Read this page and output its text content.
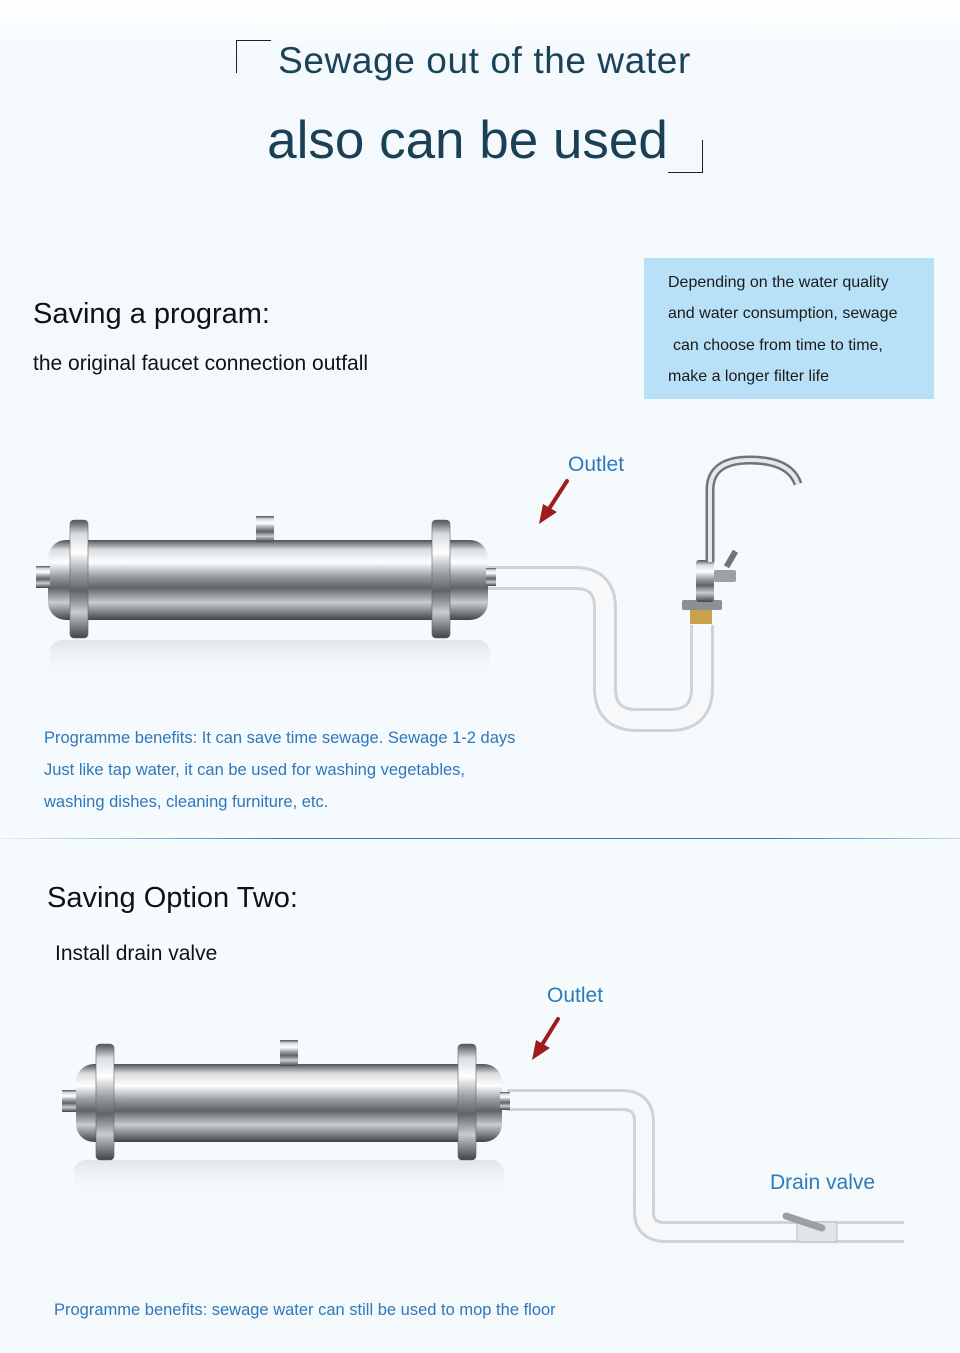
Sewage out of the water
also can be used
Saving a program:
the original faucet connection outfall
Depending on the water quality
and water consumption, sewage
can choose from time to time,
make a longer filter life
Outlet
Programme benefits: It can save time sewage. Sewage 1-2 days
Just like tap water, it can be used for washing vegetables,
washing dishes, cleaning furniture, etc.
Saving Option Two:
Install drain valve
Outlet
Drain valve
Programme benefits: sewage water can still be used to mop the floor
